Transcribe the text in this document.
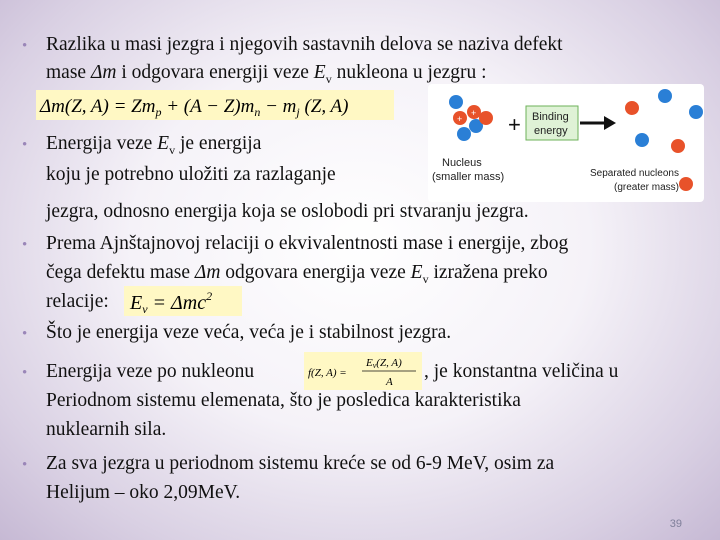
• Razlika u masi jezgra i njegovih sastavnih delova se naziva defekt
mase Δm i odgovara energiji veze $E_v$ nukleona u jezgru :
Δm(Z, $A) = Zm_p + (A - Z)m_n - m_j$ (Z, A)	+
+ + Binding
energy
Nucleus
(smaller mass)	Separated nucleons
(greater mass)
• Energija veze $E_v$ je energija
koju je potrebno uložiti za razlaganje
jezgra, odnosno energija koja se oslobodi pri stvaranju jezgra.
• Prema Ajnštajnovoj relaciji o ekvivalentnosti mase i energije, zbog
čega defektu mase Δm odgovara energija veze $E_v$ izražena preko
relacije: $E_v = \Delta mc^2$
• Što je energija veze veća, veća je i stabilnost jezgra.
• Energija veze po nukleonu	f(Z, A) =
Ev(Z, A)
A , je konstantna veličina u
Periodnom sistemu elemenata, što je posledica karakteristika
nuklearnih sila.
• Za sva jezgra u periodnom sistemu kreće se od 6-9 MeV, osim za
Helijum – oko 2,09MeV.
39
